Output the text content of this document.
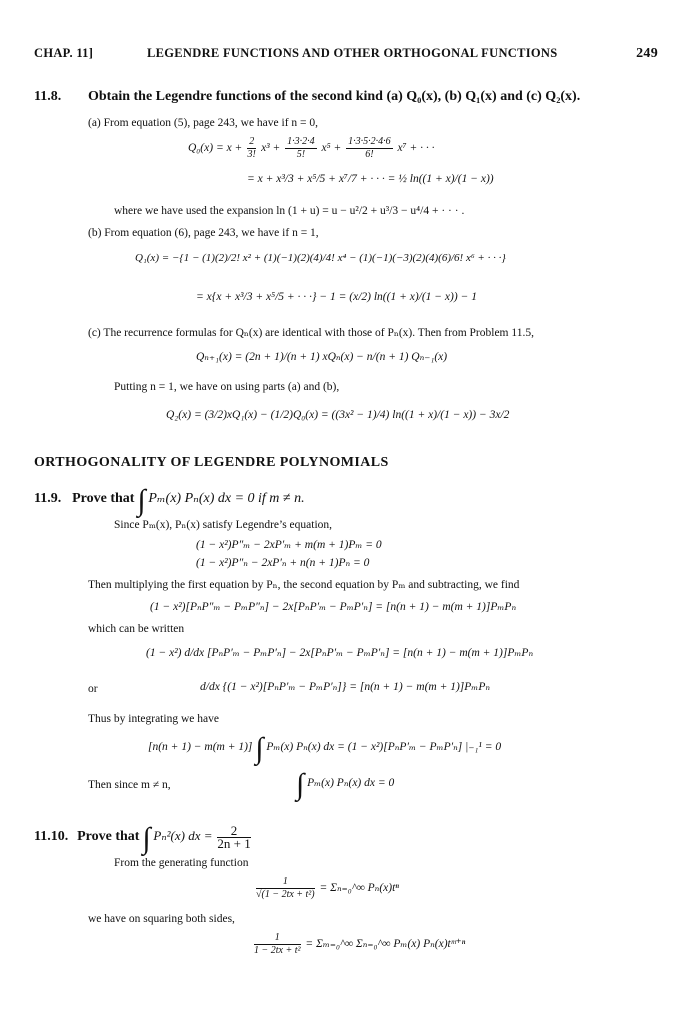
CHAP. 11]	LEGENDRE FUNCTIONS AND OTHER ORTHOGONAL FUNCTIONS	249
11.8. Obtain the Legendre functions of the second kind (a) Q₀(x), (b) Q₁(x) and (c) Q₂(x).
(a) From equation (5), page 243, we have if n = 0,
$Q_0(x) = x + \frac{2}{3!} x^3 + \frac{1\cdot 3\cdot 2\cdot 4}{5!} x^5 + \frac{1\cdot 3\cdot 5\cdot 2\cdot 4\cdot 6}{6!} x^7$ + · · ·
= x + x³/3 + x⁵/5 + x⁷/7 + · · · = ½ ln((1 + x)/(1 − x))
where we have used the expansion ln (1 + u) = u − u²/2 + u³/3 − u⁴/4 + · · · .
(b) From equation (6), page 243, we have if n = 1,
Q₁(x) = −{1 − (1)(2)/2! x² + (1)(−1)(2)(4)/4! x⁴ − (1)(−1)(−3)(2)(4)(6)/6! x⁶ + · · ·}
= x{x + x³/3 + x⁵/5 + · · ·} − 1 = (x/2) ln((1 + x)/(1 − x)) − 1
(c) The recurrence formulas for Qₙ(x) are identical with those of Pₙ(x). Then from Problem 11.5,
Qₙ₊₁(x) = (2n + 1)/(n + 1) xQₙ(x) − n/(n + 1) Qₙ₋₁(x)
Putting n = 1, we have on using parts (a) and (b),
Q₂(x) = (3/2)xQ₁(x) − (1/2)Q₀(x) = ((3x² − 1)/4) ln((1 + x)/(1 − x)) − 3x/2
ORTHOGONALITY OF LEGENDRE POLYNOMIALS
11.9. Prove that ∫ Pₘ(x) Pₙ(x) dx = 0 if m ≠ n.
Since Pₘ(x), Pₙ(x) satisfy Legendre’s equation,
(1 − x²)P″ₘ − 2xP′ₘ + m(m + 1)Pₘ = 0
(1 − x²)P″ₙ − 2xP′ₙ + n(n + 1)Pₙ = 0
Then multiplying the first equation by Pₙ, the second equation by Pₘ and subtracting, we find
(1 − x²)[PₙP″ₘ − PₘP″ₙ] − 2x[PₙP′ₘ − PₘP′ₙ] = [n(n + 1) − m(m + 1)]PₘPₙ
which can be written
(1 − x²) d/dx [PₙP′ₘ − PₘP′ₙ] − 2x[PₙP′ₘ − PₘP′ₙ] = [n(n + 1) − m(m + 1)]PₘPₙ
or	d/dx {(1 − x²)[PₙP′ₘ − PₘP′ₙ]} = [n(n + 1) − m(m + 1)]PₘPₙ
Thus by integrating we have
[n(n + 1) − m(m + 1)] ∫ Pₘ(x) Pₙ(x) dx = (1 − x²)[PₙP′ₘ − PₘP′ₙ] |₋₁¹ = 0
Then since m ≠ n,	∫ Pₘ(x) Pₙ(x) dx = 0
11.10. Prove that ∫ Pₙ²(x) dx = $\frac{2}{2n + 1}$
From the generating function
$\frac{1}{\text{√(1 − 2tx + t²)}}$ = Σₙ₌₀^∞ Pₙ(x)tⁿ
we have on squaring both sides,
$\frac{1}{\text{1 − 2tx + t²}}$ = Σₘ₌₀^∞ Σₙ₌₀^∞ Pₘ(x) Pₙ(x)tᵐ⁺ⁿ
